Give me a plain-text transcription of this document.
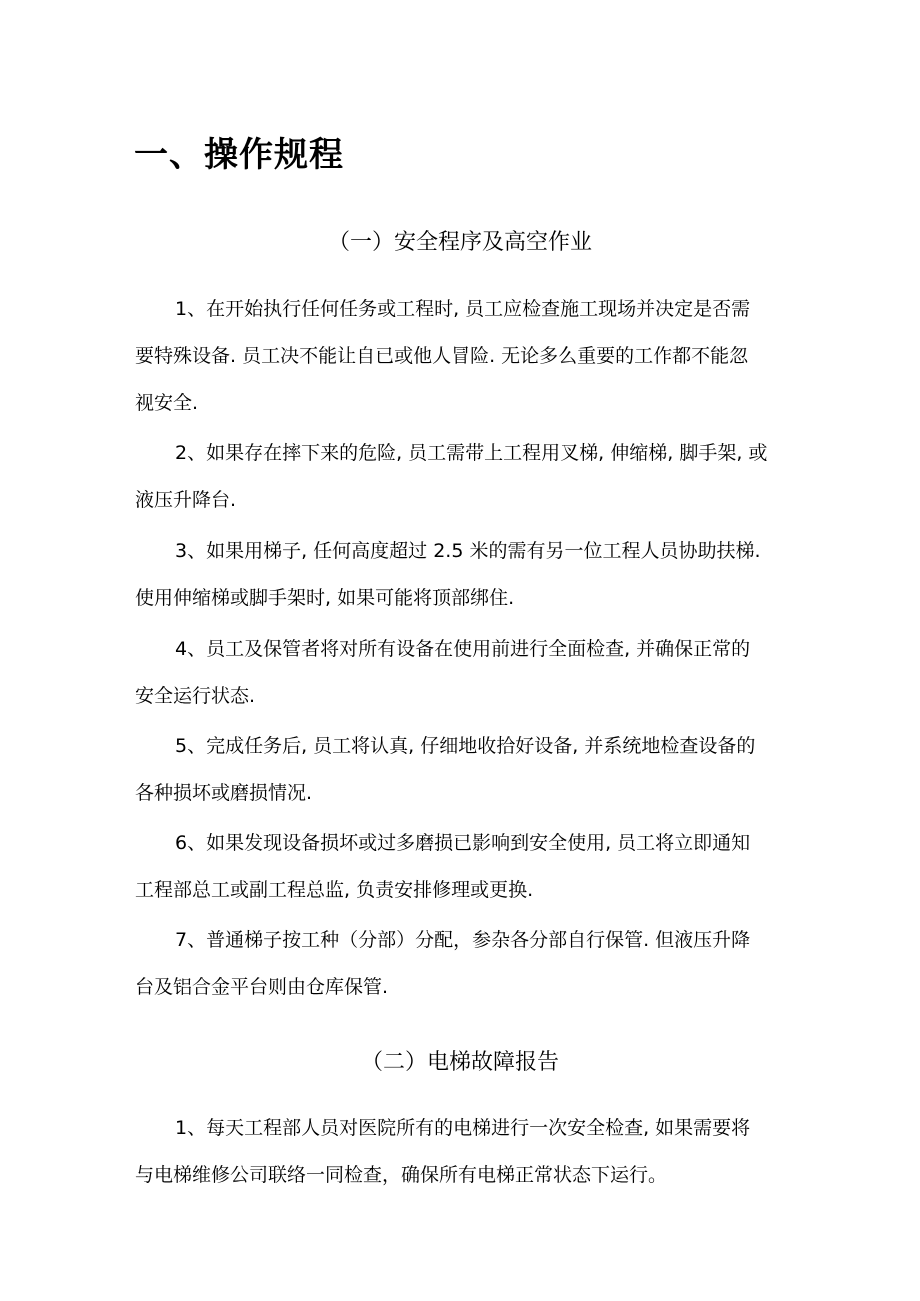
一、操作规程
（一）安全程序及高空作业
1、在开始执行任何任务或工程时, 员工应检查施工现场并决定是否需
要特殊设备. 员工决不能让自已或他人冒险. 无论多么重要的工作都不能忽
视安全.
2、如果存在摔下来的危险, 员工需带上工程用叉梯, 伸缩梯, 脚手架, 或
液压升降台.
3、如果用梯子, 任何高度超过 2.5 米的需有另一位工程人员协助扶梯.
使用伸缩梯或脚手架时, 如果可能将顶部绑住.
4、员工及保管者将对所有设备在使用前进行全面检查, 并确保正常的
安全运行状态.
5、完成任务后, 员工将认真, 仔细地收拾好设备, 并系统地检查设备的
各种损坏或磨损情况.
6、如果发现设备损坏或过多磨损已影响到安全使用, 员工将立即通知
工程部总工或副工程总监, 负责安排修理或更换.
7、普通梯子按工种（分部）分配，参杂各分部自行保管. 但液压升降
台及铝合金平台则由仓库保管.
（二）电梯故障报告
1、每天工程部人员对医院所有的电梯进行一次安全检查, 如果需要将
与电梯维修公司联络一同检查，确保所有电梯正常状态下运行。
